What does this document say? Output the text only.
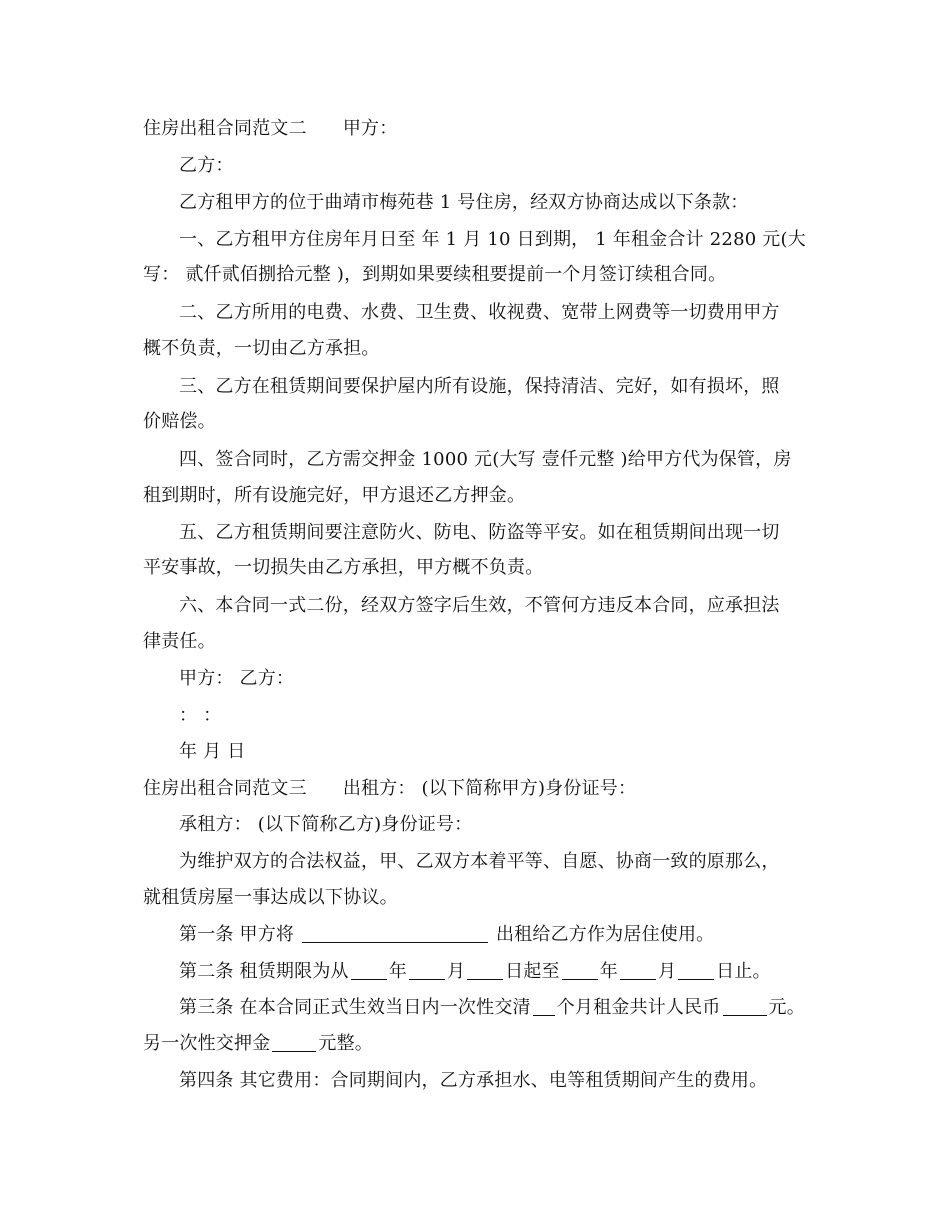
住房出租合同范文二 甲方：
乙方：
乙方租甲方的位于曲靖市梅苑巷 1 号住房，经双方协商达成以下条款：
一、乙方租甲方住房年月日至 年 1 月 10 日到期， 1 年租金合计 2280 元(大
写： 贰仟贰佰捌拾元整 )，到期如果要续租要提前一个月签订续租合同。
二、乙方所用的电费、水费、卫生费、收视费、宽带上网费等一切费用甲方
概不负责，一切由乙方承担。
三、乙方在租赁期间要保护屋内所有设施，保持清洁、完好，如有损坏，照
价赔偿。
四、签合同时，乙方需交押金 1000 元(大写 壹仟元整 )给甲方代为保管，房
租到期时，所有设施完好，甲方退还乙方押金。
五、乙方租赁期间要注意防火、防电、防盗等平安。如在租赁期间出现一切
平安事故，一切损失由乙方承担，甲方概不负责。
六、本合同一式二份，经双方签字后生效，不管何方违反本合同，应承担法
律责任。
甲方： 乙方：
： ：
年 月 日
住房出租合同范文三 出租方： (以下简称甲方)身份证号：
承租方： (以下简称乙方)身份证号：
为维护双方的合法权益，甲、乙双方本着平等、自愿、协商一致的原那么，
就租赁房屋一事达成以下协议。
第一条 甲方将	出租给乙方作为居住使用。
第二条 租赁期限为从 年 月 日起至 年 月 日止。
第三条 在本合同正式生效当日内一次性交清 个月租金共计人民币	元。
另一次性交押金	元整。
第四条 其它费用：合同期间内，乙方承担水、电等租赁期间产生的费用。
